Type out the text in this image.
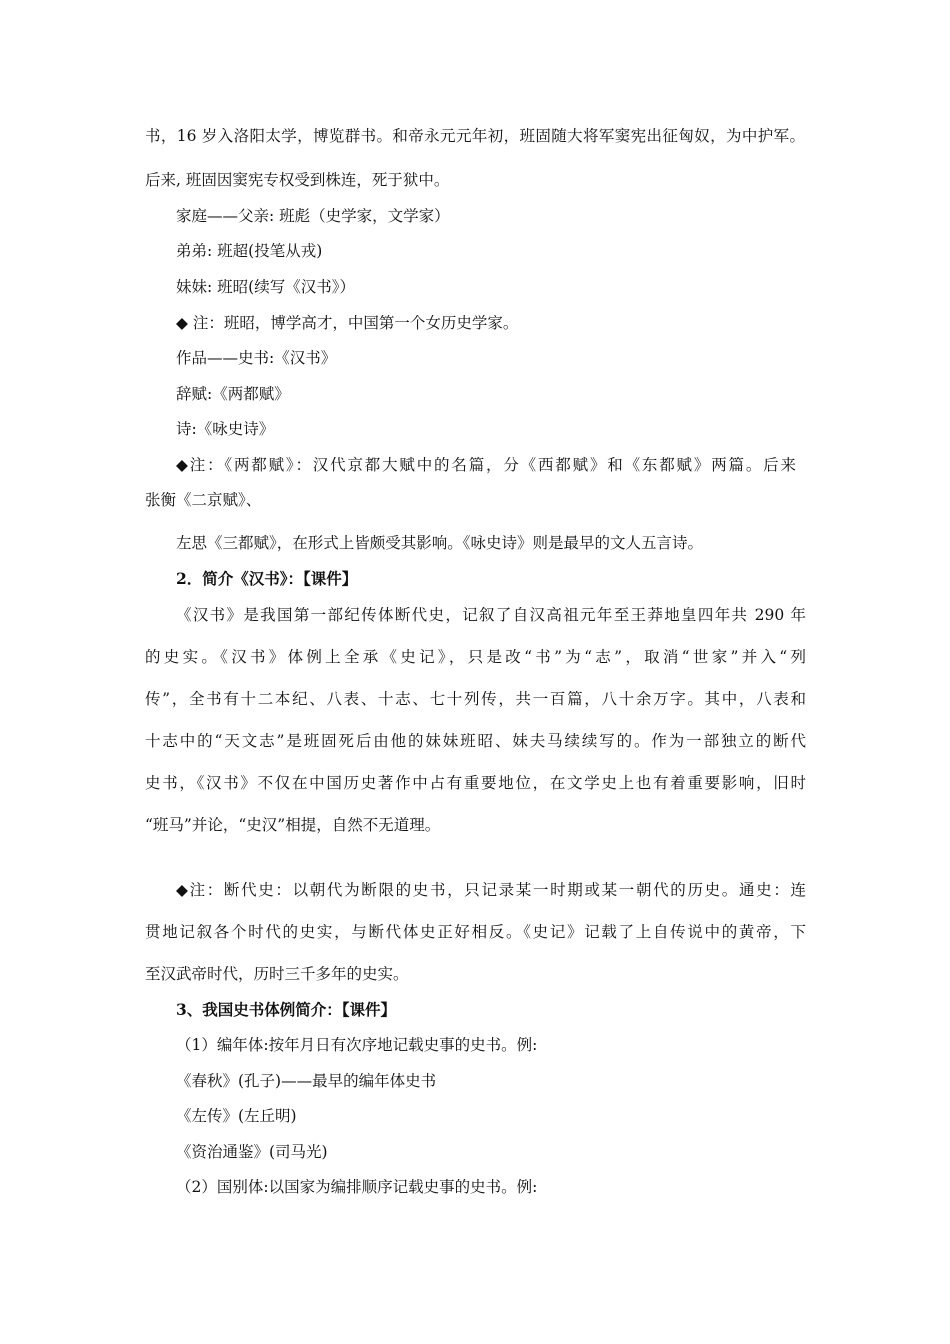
书，16 岁入洛阳太学，博览群书。和帝永元元年初，班固随大将军窦宪出征匈奴，为中护军。
后来, 班固因窦宪专权受到株连，死于狱中。
家庭——父亲: 班彪（史学家，文学家）
弟弟: 班超(投笔从戎)
妹妹: 班昭(续写《汉书》）
◆ 注：班昭，博学高才，中国第一个女历史学家。
作品——史书:《汉书》
辞赋:《两都赋》
诗:《咏史诗》
◆注：《两都赋》：汉代京都大赋中的名篇，分《西都赋》和《东都赋》两篇。后来
张衡《二京赋》、
左思《三都赋》，在形式上皆颇受其影响。《咏史诗》则是最早的文人五言诗。
2．简介《汉书》：【课件】
《汉书》是我国第一部纪传体断代史，记叙了自汉高祖元年至王莽地皇四年共 290 年
的史实。《汉书》体例上全承《史记》，只是改“书”为“志”，取消“世家”并入“列
传”，全书有十二本纪、八表、十志、七十列传，共一百篇，八十余万字。其中，八表和
十志中的“天文志”是班固死后由他的妹妹班昭、妹夫马续续写的。作为一部独立的断代
史书，《汉书》不仅在中国历史著作中占有重要地位，在文学史上也有着重要影响，旧时
“班马”并论，“史汉”相提，自然不无道理。
◆注：断代史：以朝代为断限的史书，只记录某一时期或某一朝代的历史。通史：连
贯地记叙各个时代的史实，与断代体史正好相反。《史记》记载了上自传说中的黄帝，下
至汉武帝时代，历时三千多年的史实。
3、我国史书体例简介：【课件】
（1）编年体:按年月日有次序地记载史事的史书。例:
《春秋》(孔子)——最早的编年体史书
《左传》(左丘明)
《资治通鉴》(司马光)
（2）国别体:以国家为编排顺序记载史事的史书。例:
